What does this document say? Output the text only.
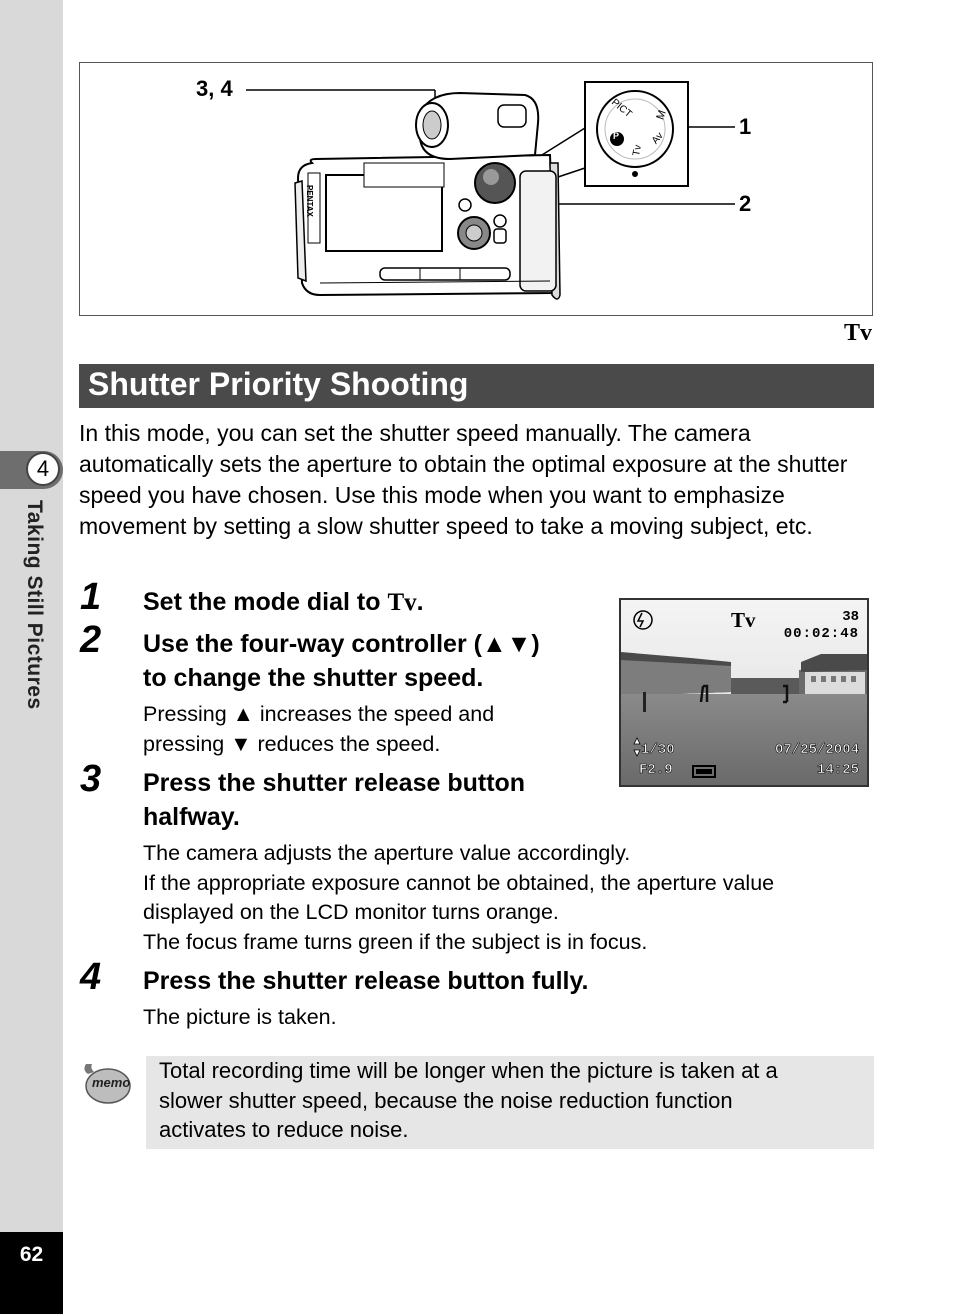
4
Taking Still Pictures
62
PICT
P
Tv
Av
M
PENTAX
3, 4
1
2
Tv
Shutter Priority Shooting
In this mode, you can set the shutter speed manually. The camera automatically sets the aperture to obtain the optimal exposure at the shutter speed you have chosen. Use this mode when you want to emphasize movement by setting a slow shutter speed to take a moving subject, etc.
1 Set the mode dial to Tv.
2 Use the four-way controller (▲▼)
to change the shutter speed.
Pressing ▲ increases the speed and
pressing ▼ reduces the speed.
3 Press the shutter release button
halfway.
The camera adjusts the aperture value accordingly.
If the appropriate exposure cannot be obtained, the aperture value
displayed on the LCD monitor turns orange.
The focus frame turns green if the subject is in focus.
4 Press the shutter release button fully.
The picture is taken.
Tv	38
00:02:48
1/30
F2.9
07/25/2004
14:25
memo Total recording time will be longer when the picture is taken at a
slower shutter speed, because the noise reduction function
activates to reduce noise.
